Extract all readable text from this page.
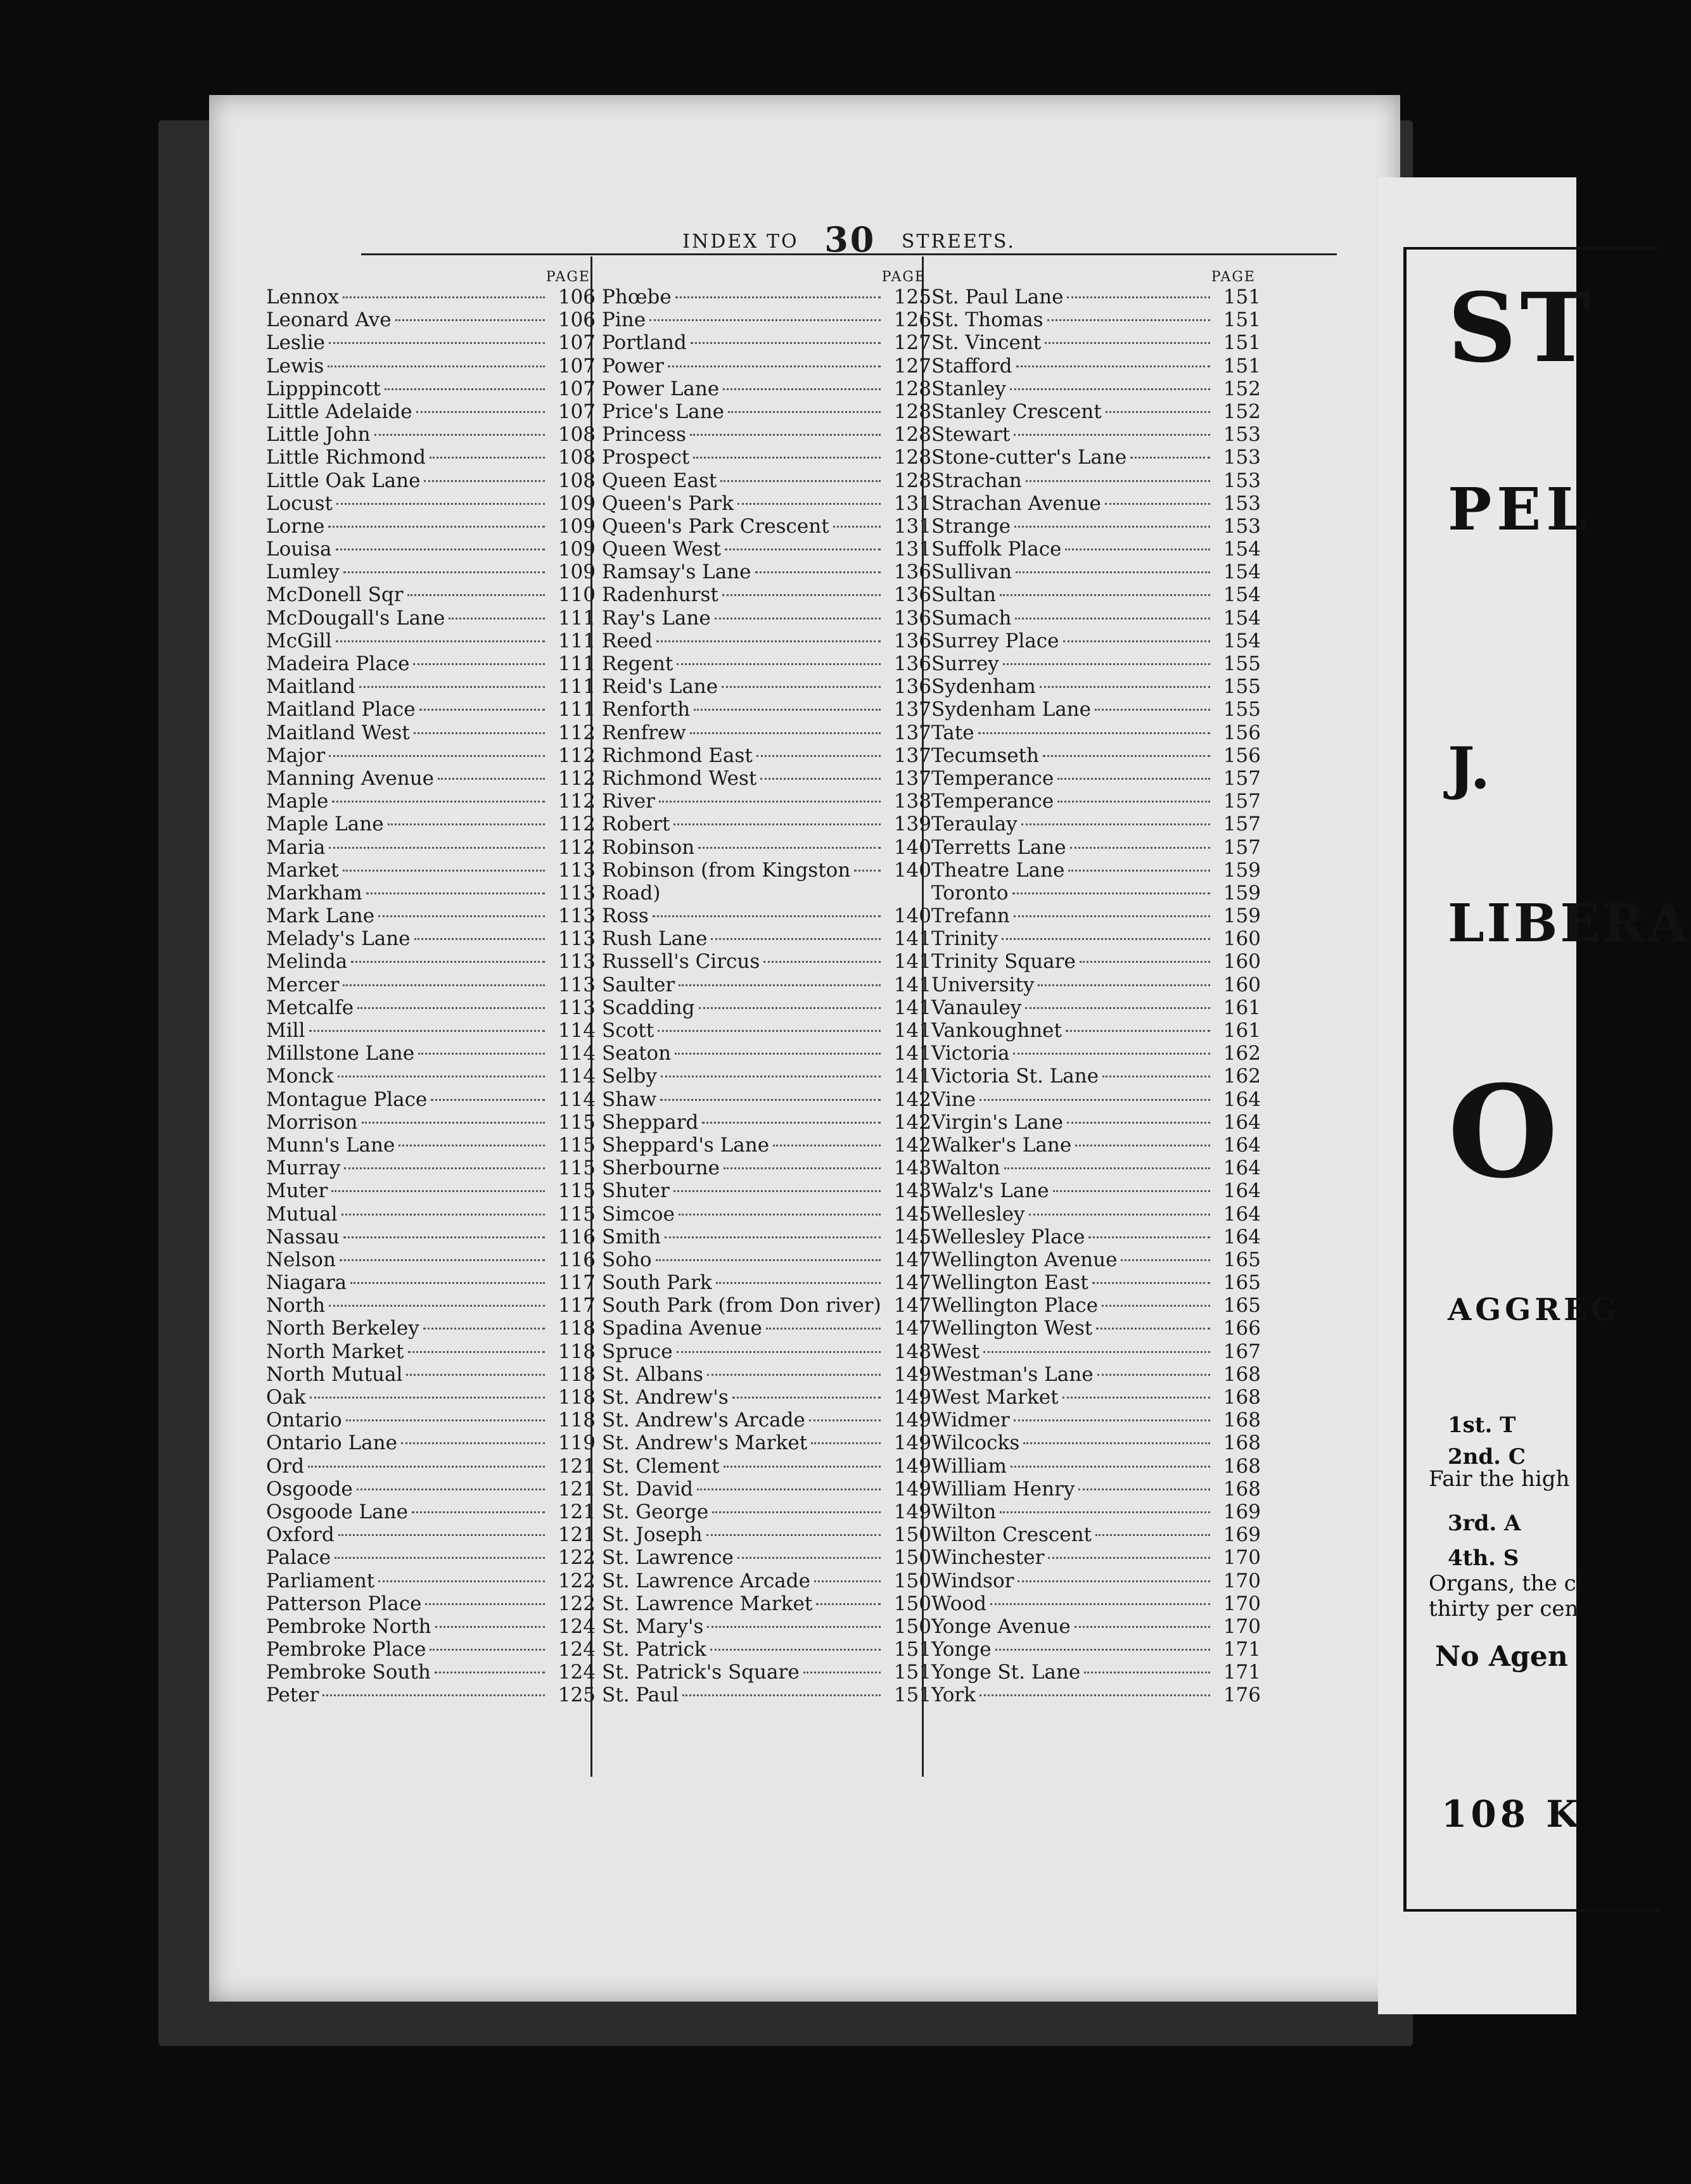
INDEX TO 30 STREETS.
PAGE
Lennox	106
Leonard Ave	106
Leslie	107
Lewis	107
Lipppincott	107
Little Adelaide	107
Little John	108
Little Richmond	108
Little Oak Lane	108
Locust	109
Lorne	109
Louisa	109
Lumley	109
McDonell Sqr	110
McDougall's Lane	111
McGill	111
Madeira Place	111
Maitland	111
Maitland Place	111
Maitland West	112
Major	112
Manning Avenue	112
Maple	112
Maple Lane	112
Maria	112
Market	113
Markham	113
Mark Lane	113
Melady's Lane	113
Melinda	113
Mercer	113
Metcalfe	113
Mill	114
Millstone Lane	114
Monck	114
Montague Place	114
Morrison	115
Munn's Lane	115
Murray	115
Muter	115
Mutual	115
Nassau	116
Nelson	116
Niagara	117
North	117
North Berkeley	118
North Market	118
North Mutual	118
Oak	118
Ontario	118
Ontario Lane	119
Ord	121
Osgoode	121
Osgoode Lane	121
Oxford	121
Palace	122
Parliament	122
Patterson Place	122
Pembroke North	124
Pembroke Place	124
Pembroke South	124
Peter	125
PAGE
Phœbe	125
Pine	126
Portland	127
Power	127
Power Lane	128
Price's Lane	128
Princess	128
Prospect	128
Queen East	128
Queen's Park	131
Queen's Park Crescent	131
Queen West	131
Ramsay's Lane	136
Radenhurst	136
Ray's Lane	136
Reed	136
Regent	136
Reid's Lane	136
Renforth	137
Renfrew	137
Richmond East	137
Richmond West	137
River	138
Robert	139
Robinson	140
Robinson (from Kingston	140
Road)
Ross	140
Rush Lane	141
Russell's Circus	141
Saulter	141
Scadding	141
Scott	141
Seaton	141
Selby	141
Shaw	142
Sheppard	142
Sheppard's Lane	142
Sherbourne	143
Shuter	143
Simcoe	145
Smith	145
Soho	147
South Park	147
South Park (from Don river) 147
Spadina Avenue	147
Spruce	148
St. Albans	149
St. Andrew's	149
St. Andrew's Arcade	149
St. Andrew's Market	149
St. Clement	149
St. David	149
St. George	149
St. Joseph	150
St. Lawrence	150
St. Lawrence Arcade	150
St. Lawrence Market	150
St. Mary's	150
St. Patrick	151
St. Patrick's Square	151
St. Paul	151
PAGE
St. Paul Lane	151
St. Thomas	151
St. Vincent	151
Stafford	151
Stanley	152
Stanley Crescent	152
Stewart	153
Stone-cutter's Lane	153
Strachan	153
Strachan Avenue	153
Strange	153
Suffolk Place	154
Sullivan	154
Sultan	154
Sumach	154
Surrey Place	154
Surrey	155
Sydenham	155
Sydenham Lane	155
Tate	156
Tecumseth	156
Temperance	157
Temperance	157
Teraulay	157
Terretts Lane	157
Theatre Lane	159
Toronto	159
Trefann	159
Trinity	160
Trinity Square	160
University	160
Vanauley	161
Vankoughnet	161
Victoria	162
Victoria St. Lane	162
Vine	164
Virgin's Lane	164
Walker's Lane	164
Walton	164
Walz's Lane	164
Wellesley	164
Wellesley Place	164
Wellington Avenue	165
Wellington East	165
Wellington Place	165
Wellington West	166
West	167
Westman's Lane	168
West Market	168
Widmer	168
Wilcocks	168
William	168
William Henry	168
Wilton	169
Wilton Crescent	169
Winchester	170
Windsor	170
Wood	170
Yonge Avenue	170
Yonge	171
Yonge St. Lane	171
York	176
ST
PEL
J.
LIBERA
O
AGGREG
1st. T
2nd. C
Fair the high
3rd. A
4th. S
Organs, the cl
thirty per cen
No Agen
108 K
